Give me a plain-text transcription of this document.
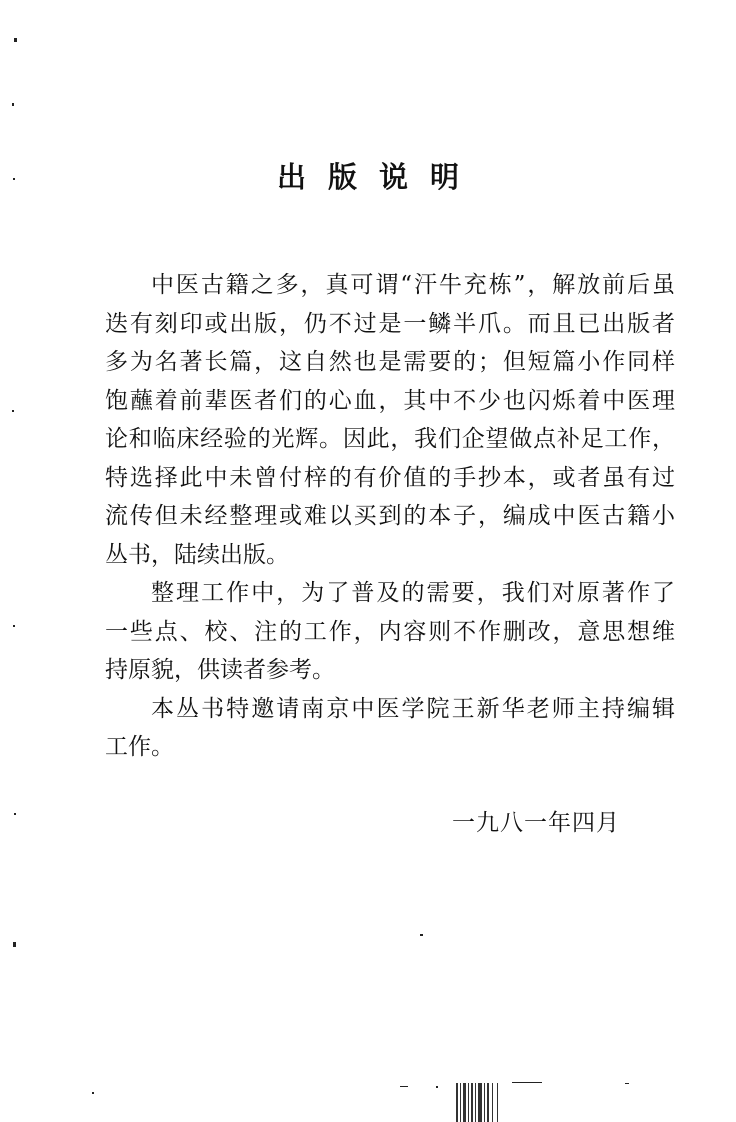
出版说明
中医古籍之多，真可谓“汗牛充栋”，解放前后虽
迭有刻印或出版，仍不过是一鳞半爪。而且已出版者
多为名著长篇，这自然也是需要的；但短篇小作同样
饱蘸着前辈医者们的心血，其中不少也闪烁着中医理
论和临床经验的光辉。因此，我们企望做点补足工作，
特选择此中未曾付梓的有价值的手抄本，或者虽有过
流传但未经整理或难以买到的本子，编成中医古籍小
丛书，陆续出版。
整理工作中，为了普及的需要，我们对原著作了
一些点、校、注的工作，内容则不作删改，意思想维
持原貌，供读者参考。
本丛书特邀请南京中医学院王新华老师主持编辑
工作。
一九八一年四月
